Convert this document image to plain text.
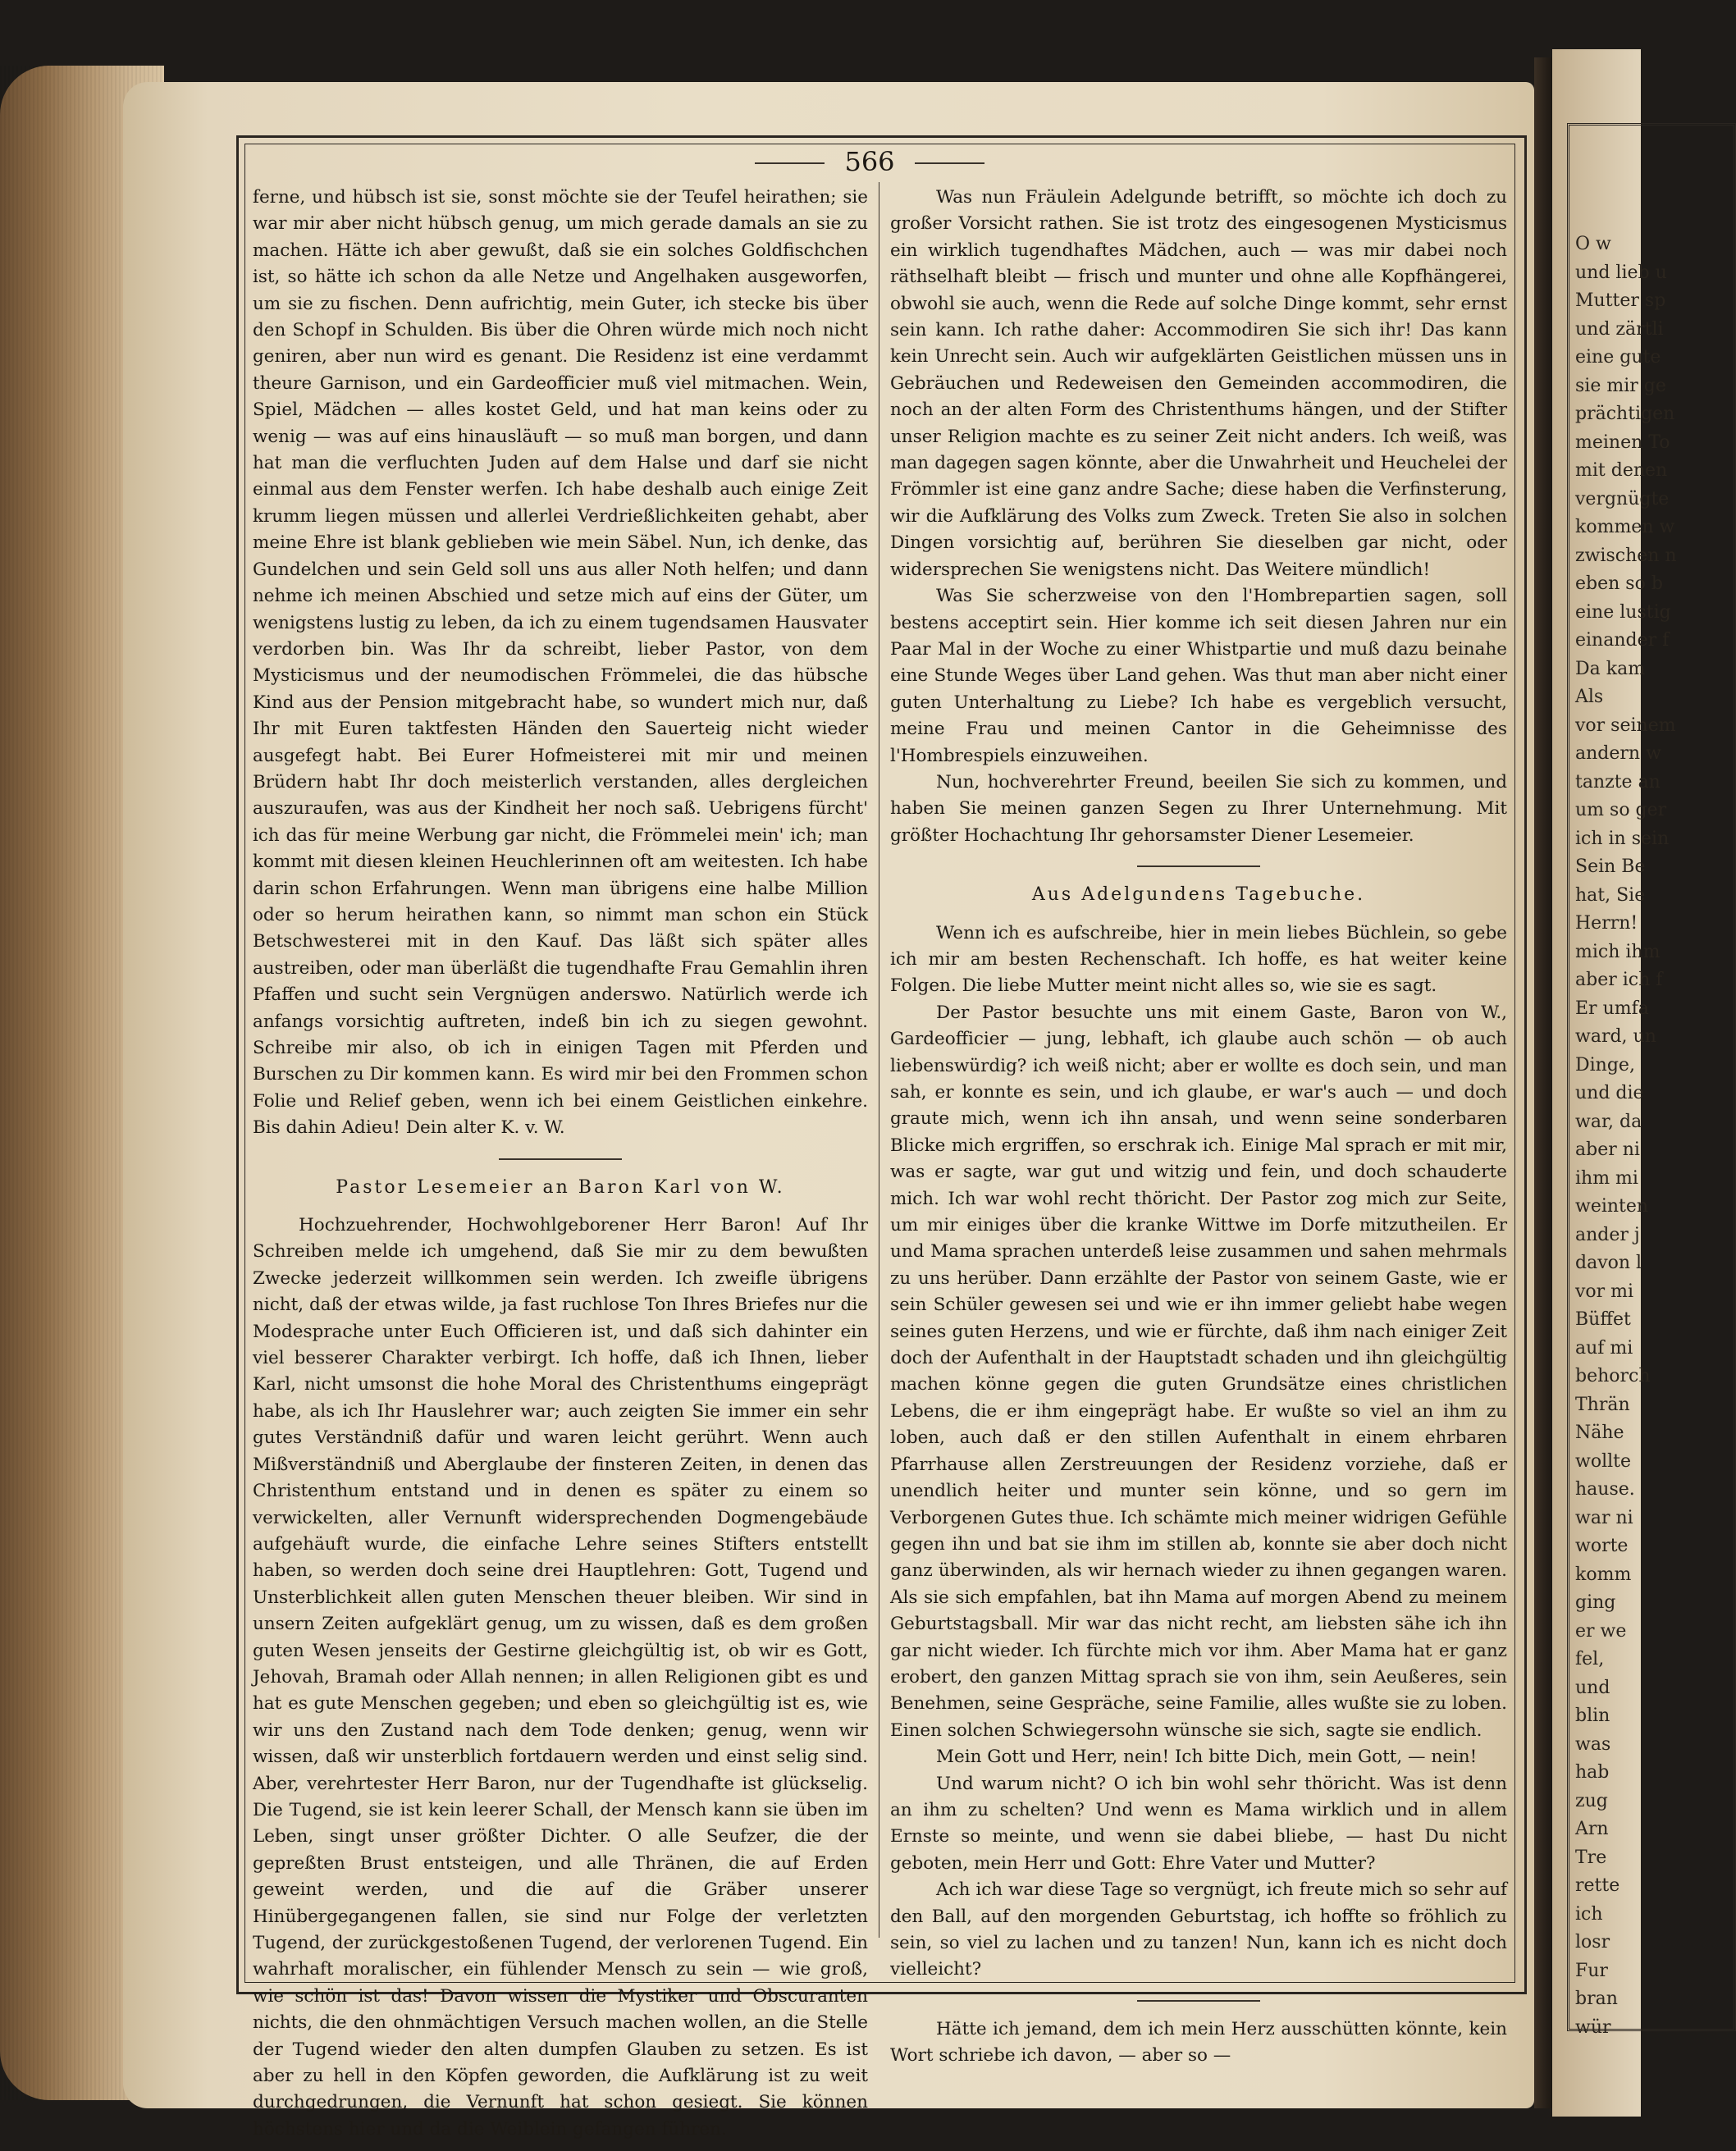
O w
und lieb u
Mutter sp
und zärtli
eine gute
sie mir ge
prächtigen
meinen To
mit denen
vergnügte
kommen w
zwischen n
eben so b
eine lustig
einander f
Da kam
Als
vor seinem
andern w
tanzte an
um so ger
ich in sein
Sein Be
hat, Sie
Herrn!
mich ihm
aber ich f
Er umfa
ward, un
Dinge,
und die
war, da
aber ni
ihm mi
weinten
ander j
davon l
vor mi
Büffet
auf mi
behorch
Thrän
Nähe
wollte
hause.
war ni
worte
komm
ging
er we
fel,
und
blin
was
hab
zug
Arn
Tre
rette
ich
losr
Fur
bran
wür
566

ferne, und hübsch ist sie, sonst möchte sie der Teufel heirathen; sie war mir aber nicht hübsch genug, um mich gerade damals an sie zu machen. Hätte ich aber gewußt, daß sie ein solches Goldfischchen ist, so hätte ich schon da alle Netze und Angelhaken ausgeworfen, um sie zu fischen. Denn aufrichtig, mein Guter, ich stecke bis über den Schopf in Schulden. Bis über die Ohren würde mich noch nicht geniren, aber nun wird es genant. Die Residenz ist eine verdammt theure Garnison, und ein Gardeofficier muß viel mitmachen. Wein, Spiel, Mädchen — alles kostet Geld, und hat man keins oder zu wenig — was auf eins hinausläuft — so muß man borgen, und dann hat man die verfluchten Juden auf dem Halse und darf sie nicht einmal aus dem Fenster werfen. Ich habe deshalb auch einige Zeit krumm liegen müssen und allerlei Verdrießlichkeiten gehabt, aber meine Ehre ist blank geblieben wie mein Säbel. Nun, ich denke, das Gundelchen und sein Geld soll uns aus aller Noth helfen; und dann nehme ich meinen Abschied und setze mich auf eins der Güter, um wenigstens lustig zu leben, da ich zu einem tugendsamen Hausvater verdorben bin. Was Ihr da schreibt, lieber Pastor, von dem Mysticismus und der neumodischen Frömmelei, die das hübsche Kind aus der Pension mitgebracht habe, so wundert mich nur, daß Ihr mit Euren taktfesten Händen den Sauerteig nicht wieder ausgefegt habt. Bei Eurer Hofmeisterei mit mir und meinen Brüdern habt Ihr doch meisterlich verstanden, alles dergleichen auszuraufen, was aus der Kindheit her noch saß. Uebrigens fürcht' ich das für meine Werbung gar nicht, die Frömmelei mein' ich; man kommt mit diesen kleinen Heuchlerinnen oft am weitesten. Ich habe darin schon Erfahrungen. Wenn man übrigens eine halbe Million oder so herum heirathen kann, so nimmt man schon ein Stück Betschwesterei mit in den Kauf. Das läßt sich später alles austreiben, oder man überläßt die tugendhafte Frau Gemahlin ihren Pfaffen und sucht sein Vergnügen anderswo. Natürlich werde ich anfangs vorsichtig auftreten, indeß bin ich zu siegen gewohnt. Schreibe mir also, ob ich in einigen Tagen mit Pferden und Burschen zu Dir kommen kann. Es wird mir bei den Frommen schon Folie und Relief geben, wenn ich bei einem Geistlichen einkehre. Bis dahin Adieu! Dein alter K. v. W.

Pastor Lesemeier an Baron Karl von W.

Hochzuehrender, Hochwohlgeborener Herr Baron! Auf Ihr Schreiben melde ich umgehend, daß Sie mir zu dem bewußten Zwecke jederzeit willkommen sein werden. Ich zweifle übrigens nicht, daß der etwas wilde, ja fast ruchlose Ton Ihres Briefes nur die Modesprache unter Euch Officieren ist, und daß sich dahinter ein viel besserer Charakter verbirgt. Ich hoffe, daß ich Ihnen, lieber Karl, nicht umsonst die hohe Moral des Christenthums eingeprägt habe, als ich Ihr Hauslehrer war; auch zeigten Sie immer ein sehr gutes Verständniß dafür und waren leicht gerührt. Wenn auch Mißverständniß und Aberglaube der finsteren Zeiten, in denen das Christenthum entstand und in denen es später zu einem so verwickelten, aller Vernunft widersprechenden Dogmengebäude aufgehäuft wurde, die einfache Lehre seines Stifters entstellt haben, so werden doch seine drei Hauptlehren: Gott, Tugend und Unsterblichkeit allen guten Menschen theuer bleiben. Wir sind in unsern Zeiten aufgeklärt genug, um zu wissen, daß es dem großen guten Wesen jenseits der Gestirne gleichgültig ist, ob wir es Gott, Jehovah, Bramah oder Allah nennen; in allen Religionen gibt es und hat es gute Menschen gegeben; und eben so gleichgültig ist es, wie wir uns den Zustand nach dem Tode denken; genug, wenn wir wissen, daß wir unsterblich fortdauern werden und einst selig sind. Aber, verehrtester Herr Baron, nur der Tugendhafte ist glückselig. Die Tugend, sie ist kein leerer Schall, der Mensch kann sie üben im Leben, singt unser größter Dichter. O alle Seufzer, die der gepreßten Brust entsteigen, und alle Thränen, die auf Erden geweint werden, und die auf die Gräber unserer Hinübergegangenen fallen, sie sind nur Folge der verletzten Tugend, der zurückgestoßenen Tugend, der verlorenen Tugend. Ein wahrhaft moralischer, ein fühlender Mensch zu sein — wie groß, wie schön ist das! Davon wissen die Mystiker und Obscuranten nichts, die den ohnmächtigen Versuch machen wollen, an die Stelle der Tugend wieder den alten dumpfen Glauben zu setzen. Es ist aber zu hell in den Köpfen geworden, die Aufklärung ist zu weit durchgedrungen, die Vernunft hat schon gesiegt. Sie können höchstens hier und da die Weiblein gefangen führen.

Was nun Fräulein Adelgunde betrifft, so möchte ich doch zu großer Vorsicht rathen. Sie ist trotz des eingesogenen Mysticismus ein wirklich tugendhaftes Mädchen, auch — was mir dabei noch räthselhaft bleibt — frisch und munter und ohne alle Kopfhängerei, obwohl sie auch, wenn die Rede auf solche Dinge kommt, sehr ernst sein kann. Ich rathe daher: Accommodiren Sie sich ihr! Das kann kein Unrecht sein. Auch wir aufgeklärten Geistlichen müssen uns in Gebräuchen und Redeweisen den Gemeinden accommodiren, die noch an der alten Form des Christenthums hängen, und der Stifter unser Religion machte es zu seiner Zeit nicht anders. Ich weiß, was man dagegen sagen könnte, aber die Unwahrheit und Heuchelei der Frömmler ist eine ganz andre Sache; diese haben die Verfinsterung, wir die Aufklärung des Volks zum Zweck. Treten Sie also in solchen Dingen vorsichtig auf, berühren Sie dieselben gar nicht, oder widersprechen Sie wenigstens nicht. Das Weitere mündlich!

Was Sie scherzweise von den l'Hombrepartien sagen, soll bestens acceptirt sein. Hier komme ich seit diesen Jahren nur ein Paar Mal in der Woche zu einer Whistpartie und muß dazu beinahe eine Stunde Weges über Land gehen. Was thut man aber nicht einer guten Unterhaltung zu Liebe? Ich habe es vergeblich versucht, meine Frau und meinen Cantor in die Geheimnisse des l'Hombrespiels einzuweihen.

Nun, hochverehrter Freund, beeilen Sie sich zu kommen, und haben Sie meinen ganzen Segen zu Ihrer Unternehmung. Mit größter Hochachtung Ihr gehorsamster Diener Lesemeier.

Aus Adelgundens Tagebuche.

Wenn ich es aufschreibe, hier in mein liebes Büchlein, so gebe ich mir am besten Rechenschaft. Ich hoffe, es hat weiter keine Folgen. Die liebe Mutter meint nicht alles so, wie sie es sagt.

Der Pastor besuchte uns mit einem Gaste, Baron von W., Gardeofficier — jung, lebhaft, ich glaube auch schön — ob auch liebenswürdig? ich weiß nicht; aber er wollte es doch sein, und man sah, er konnte es sein, und ich glaube, er war's auch — und doch graute mich, wenn ich ihn ansah, und wenn seine sonderbaren Blicke mich ergriffen, so erschrak ich. Einige Mal sprach er mit mir, was er sagte, war gut und witzig und fein, und doch schauderte mich. Ich war wohl recht thöricht. Der Pastor zog mich zur Seite, um mir einiges über die kranke Wittwe im Dorfe mitzutheilen. Er und Mama sprachen unterdeß leise zusammen und sahen mehrmals zu uns herüber. Dann erzählte der Pastor von seinem Gaste, wie er sein Schüler gewesen sei und wie er ihn immer geliebt habe wegen seines guten Herzens, und wie er fürchte, daß ihm nach einiger Zeit doch der Aufenthalt in der Hauptstadt schaden und ihn gleichgültig machen könne gegen die guten Grundsätze eines christlichen Lebens, die er ihm eingeprägt habe. Er wußte so viel an ihm zu loben, auch daß er den stillen Aufenthalt in einem ehrbaren Pfarrhause allen Zerstreuungen der Residenz vorziehe, daß er unendlich heiter und munter sein könne, und so gern im Verborgenen Gutes thue. Ich schämte mich meiner widrigen Gefühle gegen ihn und bat sie ihm im stillen ab, konnte sie aber doch nicht ganz überwinden, als wir hernach wieder zu ihnen gegangen waren. Als sie sich empfahlen, bat ihn Mama auf morgen Abend zu meinem Geburtstagsball. Mir war das nicht recht, am liebsten sähe ich ihn gar nicht wieder. Ich fürchte mich vor ihm. Aber Mama hat er ganz erobert, den ganzen Mittag sprach sie von ihm, sein Aeußeres, sein Benehmen, seine Gespräche, seine Familie, alles wußte sie zu loben. Einen solchen Schwiegersohn wünsche sie sich, sagte sie endlich.

Mein Gott und Herr, nein! Ich bitte Dich, mein Gott, — nein!

Und warum nicht? O ich bin wohl sehr thöricht. Was ist denn an ihm zu schelten? Und wenn es Mama wirklich und in allem Ernste so meinte, und wenn sie dabei bliebe, — hast Du nicht geboten, mein Herr und Gott: Ehre Vater und Mutter?

Ach ich war diese Tage so vergnügt, ich freute mich so sehr auf den Ball, auf den morgenden Geburtstag, ich hoffte so fröhlich zu sein, so viel zu lachen und zu tanzen! Nun, kann ich es nicht doch vielleicht?

Hätte ich jemand, dem ich mein Herz ausschütten könnte, kein Wort schriebe ich davon, — aber so —
